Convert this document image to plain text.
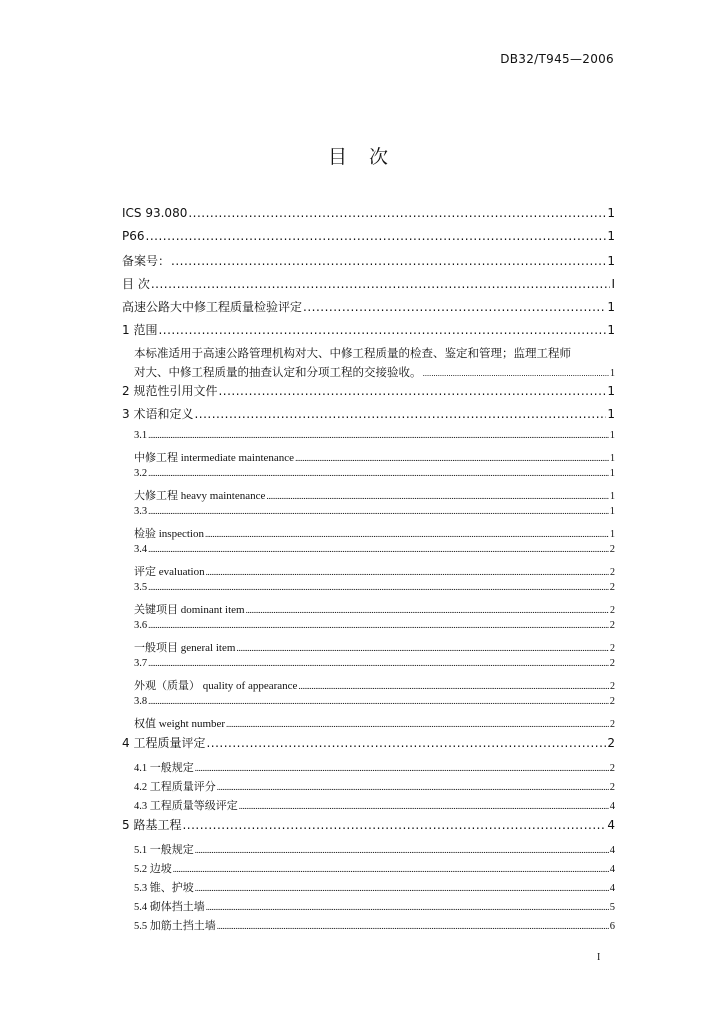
DB32/T945—2006
目 次
ICS 93.080 .....	1
P66 .....	1
备案号： .....	1
目 次 .....	I
高速公路大中修工程质量检验评定 .....	1
1 范围 .....	1
本标准适用于高速公路管理机构对大、中修工程质量的检查、鉴定和管理；监理工程师
对大、中修工程质量的抽查认定和分项工程的交接验收。 .....	1
2 规范性引用文件 .....	1
3 术语和定义 .....	1
3.1 .....	1
中修工程 intermediate maintenance .....	1
3.2 .....	1
大修工程 heavy maintenance .....	1
3.3 .....	1
检验 inspection .....	1
3.4 .....	2
评定 evaluation .....	2
3.5 .....	2
关键项目 dominant item .....	2
3.6 .....	2
一般项目 general item .....	2
3.7 .....	2
外观（质量） quality of appearance .....	2
3.8 .....	2
权值 weight number .....	2
4 工程质量评定 .....	2
4.1 一般规定 .....	2
4.2 工程质量评分 .....	2
4.3 工程质量等级评定 .....	4
5 路基工程 .....	4
5.1 一般规定 .....	4
5.2 边坡 .....	4
5.3 锥、护坡 .....	4
5.4 砌体挡土墙 .....	5
5.5 加筋土挡土墙 .....	6
I
